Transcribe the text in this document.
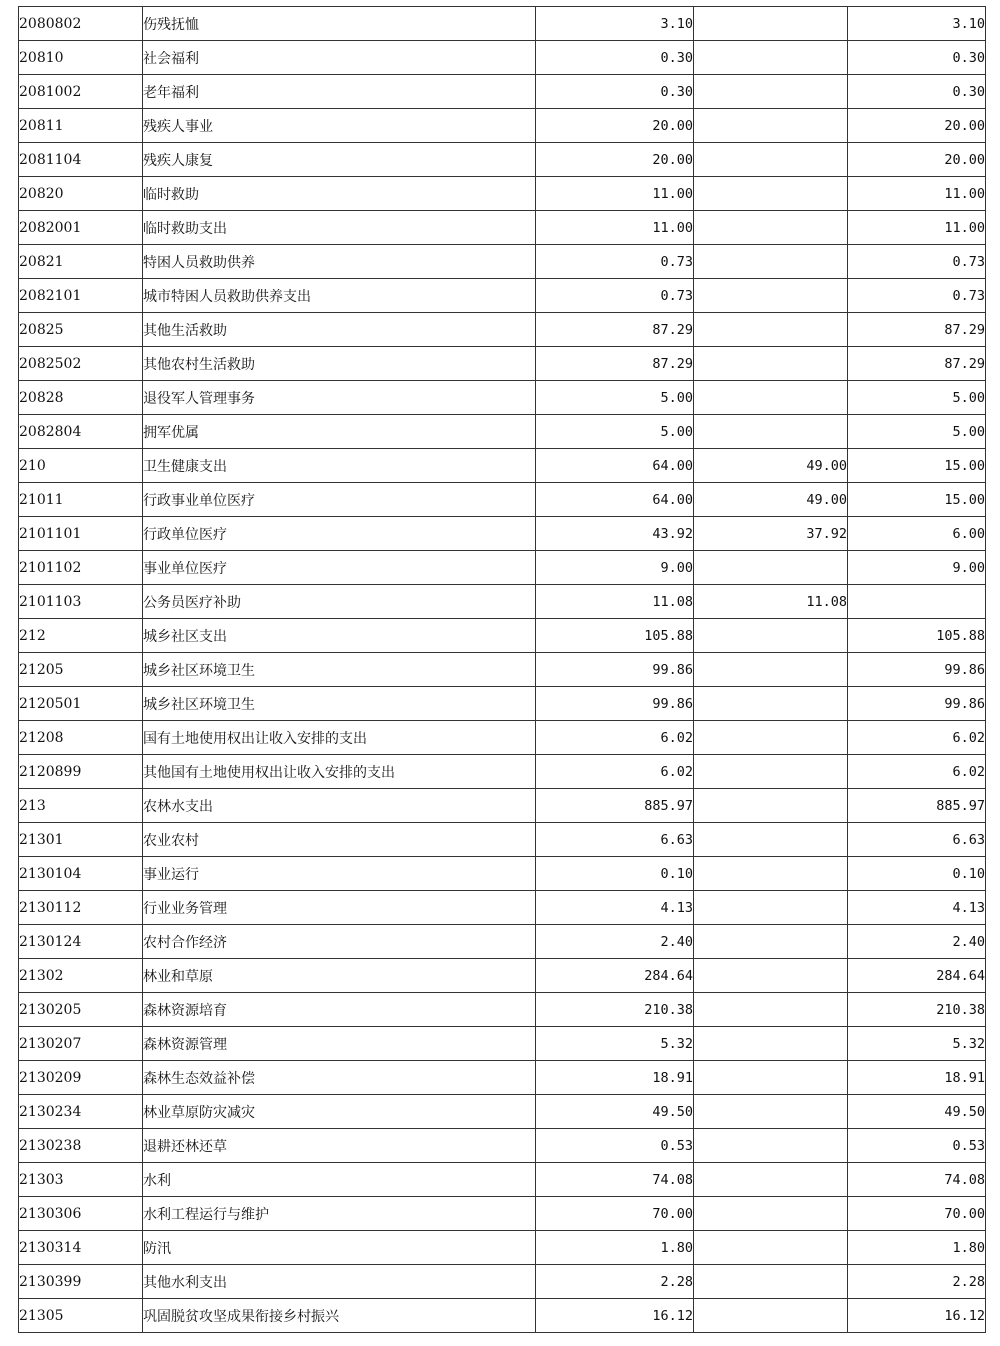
2080802	伤残抚恤	3.10		3.10
20810	社会福利	0.30		0.30
2081002	老年福利	0.30		0.30
20811	残疾人事业	20.00		20.00
2081104	残疾人康复	20.00		20.00
20820	临时救助	11.00		11.00
2082001	临时救助支出	11.00		11.00
20821	特困人员救助供养	0.73		0.73
2082101	城市特困人员救助供养支出	0.73		0.73
20825	其他生活救助	87.29		87.29
2082502	其他农村生活救助	87.29		87.29
20828	退役军人管理事务	5.00		5.00
2082804	拥军优属	5.00		5.00
210	卫生健康支出	64.00	49.00	15.00
21011	行政事业单位医疗	64.00	49.00	15.00
2101101	行政单位医疗	43.92	37.92	6.00
2101102	事业单位医疗	9.00		9.00
2101103	公务员医疗补助	11.08	11.08	
212	城乡社区支出	105.88		105.88
21205	城乡社区环境卫生	99.86		99.86
2120501	城乡社区环境卫生	99.86		99.86
21208	国有土地使用权出让收入安排的支出	6.02		6.02
2120899	其他国有土地使用权出让收入安排的支出	6.02		6.02
213	农林水支出	885.97		885.97
21301	农业农村	6.63		6.63
2130104	事业运行	0.10		0.10
2130112	行业业务管理	4.13		4.13
2130124	农村合作经济	2.40		2.40
21302	林业和草原	284.64		284.64
2130205	森林资源培育	210.38		210.38
2130207	森林资源管理	5.32		5.32
2130209	森林生态效益补偿	18.91		18.91
2130234	林业草原防灾减灾	49.50		49.50
2130238	退耕还林还草	0.53		0.53
21303	水利	74.08		74.08
2130306	水利工程运行与维护	70.00		70.00
2130314	防汛	1.80		1.80
2130399	其他水利支出	2.28		2.28
21305	巩固脱贫攻坚成果衔接乡村振兴	16.12		16.12
